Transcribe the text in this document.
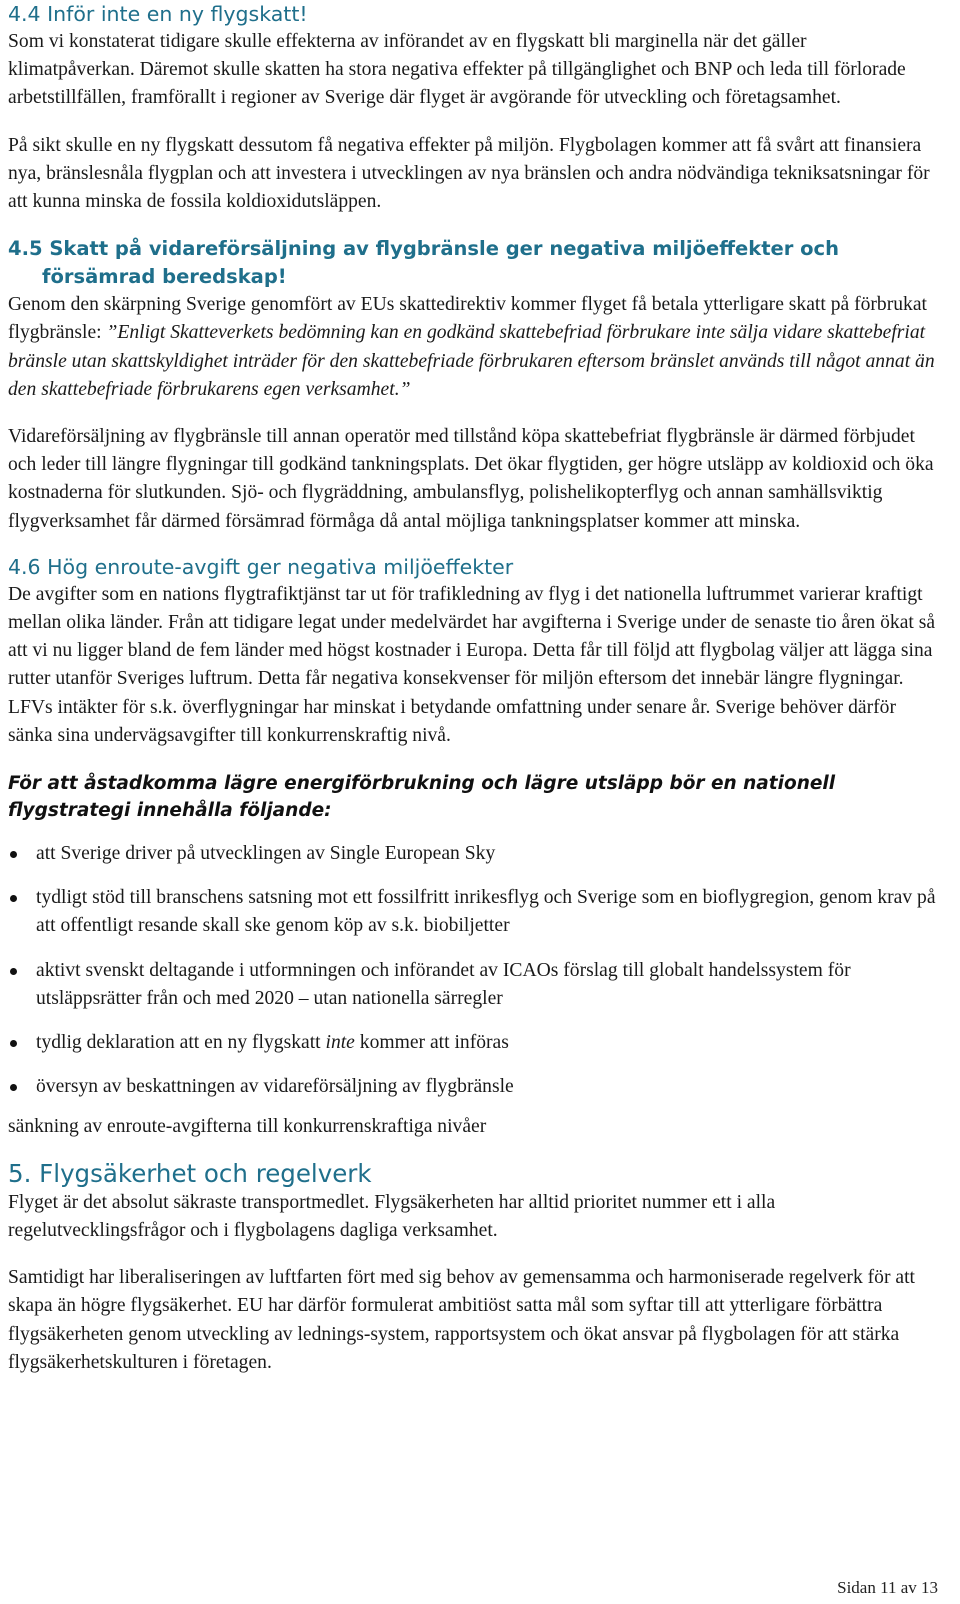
4.4 Inför inte en ny flygskatt!

Som vi konstaterat tidigare skulle effekterna av införandet av en flygskatt bli marginella när det gäller klimatpåverkan. Däremot skulle skatten ha stora negativa effekter på tillgänglighet och BNP och leda till förlorade arbetstillfällen, framförallt i regioner av Sverige där flyget är avgörande för utveckling och företagsamhet.

På sikt skulle en ny flygskatt dessutom få negativa effekter på miljön. Flygbolagen kommer att få svårt att finansiera nya, bränslesnåla flygplan och att investera i utvecklingen av nya bränslen och andra nödvändiga tekniksatsningar för att kunna minska de fossila koldioxidutsläppen.

4.5 Skatt på vidareförsäljning av flygbränsle ger negativa miljöeffekter och försämrad beredskap!

Genom den skärpning Sverige genomfört av EUs skattedirektiv kommer flyget få betala ytterligare skatt på förbrukat flygbränsle: ”Enligt Skatteverkets bedömning kan en godkänd skattebefriad förbrukare inte sälja vidare skattebefriat bränsle utan skattskyldighet inträder för den skattebefriade förbrukaren eftersom bränslet används till något annat än den skattebefriade förbrukarens egen verksamhet.”

Vidareförsäljning av flygbränsle till annan operatör med tillstånd köpa skattebefriat flygbränsle är därmed förbjudet och leder till längre flygningar till godkänd tankningsplats. Det ökar flygtiden, ger högre utsläpp av koldioxid och öka kostnaderna för slutkunden. Sjö- och flygräddning, ambulansflyg, polishelikopterflyg och annan samhällsviktig flygverksamhet får därmed försämrad förmåga då antal möjliga tankningsplatser kommer att minska.

4.6 Hög enroute-avgift ger negativa miljöeffekter

De avgifter som en nations flygtrafiktjänst tar ut för trafikledning av flyg i det nationella luftrummet varierar kraftigt mellan olika länder. Från att tidigare legat under medelvärdet har avgifterna i Sverige under de senaste tio åren ökat så att vi nu ligger bland de fem länder med högst kostnader i Europa. Detta får till följd att flygbolag väljer att lägga sina rutter utanför Sveriges luftrum. Detta får negativa konsekvenser för miljön eftersom det innebär längre flygningar. LFVs intäkter för s.k. överflygningar har minskat i betydande omfattning under senare år. Sverige behöver därför sänka sina undervägsavgifter till konkurrenskraftig nivå.

För att åstadkomma lägre energiförbrukning och lägre utsläpp bör en nationell flygstrategi innehålla följande:

att Sverige driver på utvecklingen av Single European Sky
tydligt stöd till branschens satsning mot ett fossilfritt inrikesflyg och Sverige som en bioflygregion, genom krav på att offentligt resande skall ske genom köp av s.k. biobiljetter
aktivt svenskt deltagande i utformningen och införandet av ICAOs förslag till globalt handelssystem för utsläppsrätter från och med 2020 – utan nationella särregler
tydlig deklaration att en ny flygskatt inte kommer att införas
översyn av beskattningen av vidareförsäljning av flygbränsle

sänkning av enroute-avgifterna till konkurrenskraftiga nivåer

5. Flygsäkerhet och regelverk

Flyget är det absolut säkraste transportmedlet. Flygsäkerheten har alltid prioritet nummer ett i alla regelutvecklingsfrågor och i flygbolagens dagliga verksamhet.

Samtidigt har liberaliseringen av luftfarten fört med sig behov av gemensamma och harmoniserade regelverk för att skapa än högre flygsäkerhet. EU har därför formulerat ambitiöst satta mål som syftar till att ytterligare förbättra flygsäkerheten genom utveckling av lednings-system, rapportsystem och ökat ansvar på flygbolagen för att stärka flygsäkerhetskulturen i företagen.

Sidan 11 av 13
